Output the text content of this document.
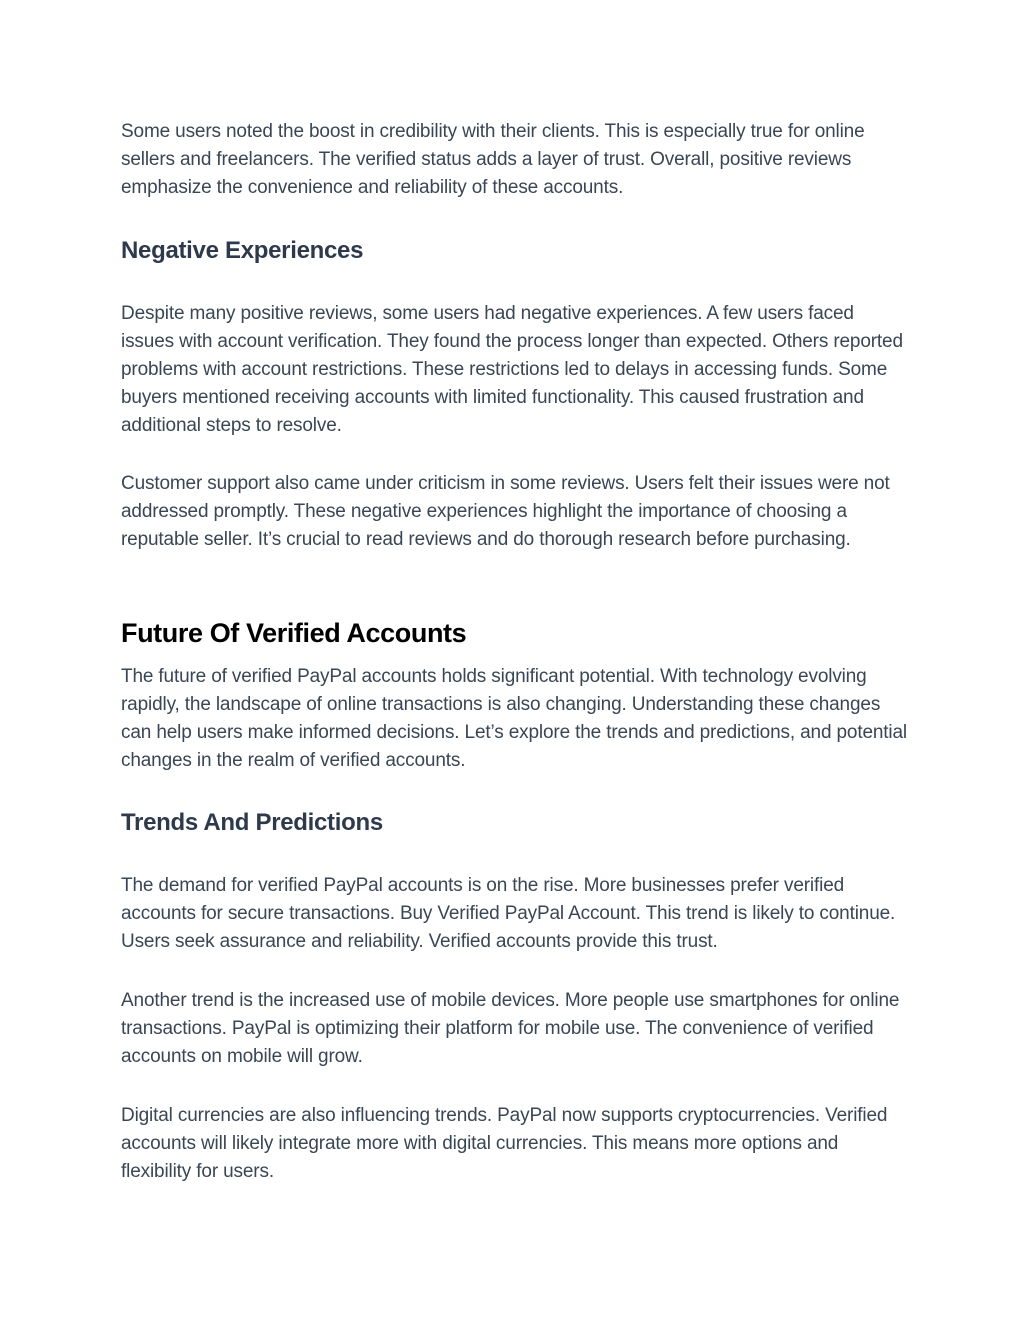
Some users noted the boost in credibility with their clients. This is especially true for online sellers and freelancers. The verified status adds a layer of trust. Overall, positive reviews emphasize the convenience and reliability of these accounts.

Negative Experiences

Despite many positive reviews, some users had negative experiences. A few users faced issues with account verification. They found the process longer than expected. Others reported problems with account restrictions. These restrictions led to delays in accessing funds. Some buyers mentioned receiving accounts with limited functionality. This caused frustration and additional steps to resolve.

Customer support also came under criticism in some reviews. Users felt their issues were not addressed promptly. These negative experiences highlight the importance of choosing a reputable seller. It’s crucial to read reviews and do thorough research before purchasing.

Future Of Verified Accounts

The future of verified PayPal accounts holds significant potential. With technology evolving rapidly, the landscape of online transactions is also changing. Understanding these changes can help users make informed decisions. Let’s explore the trends and predictions, and potential changes in the realm of verified accounts.

Trends And Predictions

The demand for verified PayPal accounts is on the rise. More businesses prefer verified accounts for secure transactions. Buy Verified PayPal Account. This trend is likely to continue. Users seek assurance and reliability. Verified accounts provide this trust.

Another trend is the increased use of mobile devices. More people use smartphones for online transactions. PayPal is optimizing their platform for mobile use. The convenience of verified accounts on mobile will grow.

Digital currencies are also influencing trends. PayPal now supports cryptocurrencies. Verified accounts will likely integrate more with digital currencies. This means more options and flexibility for users.
